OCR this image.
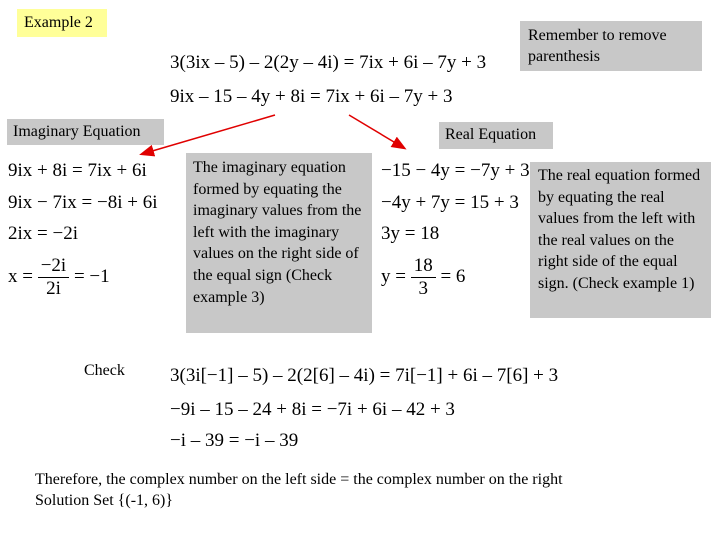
Example 2
Remember to remove parenthesis
Imaginary Equation	Real Equation
The imaginary equation formed by equating the imaginary values from the left with the imaginary values on the right side of the equal sign (Check example 3)
The real equation formed by equating the real values from the left with the real values on the right side of the equal sign. (Check example 1)
3(3ix – 5) – 2(2y – 4i) = 7ix + 6i – 7y + 3
9ix – 15 – 4y + 8i = 7ix + 6i – 7y + 3
9ix + 8i = 7ix + 6i
9ix − 7ix = −8i + 6i
2ix = −2i
$x = \frac{-2i}{2i} = -1$
−15 − 4y = −7y + 3
−4y + 7y = 15 + 3
3y = 18
$y = \frac{18}{3} = 6$
Check 3(3i[−1] – 5) – 2(2[6] – 4i) = 7i[−1] + 6i – 7[6] + 3
−9i – 15 – 24 + 8i = −7i + 6i – 42 + 3
−i – 39 = −i – 39
Therefore, the complex number on the left side = the complex number on the right
Solution Set {(-1, 6)}
